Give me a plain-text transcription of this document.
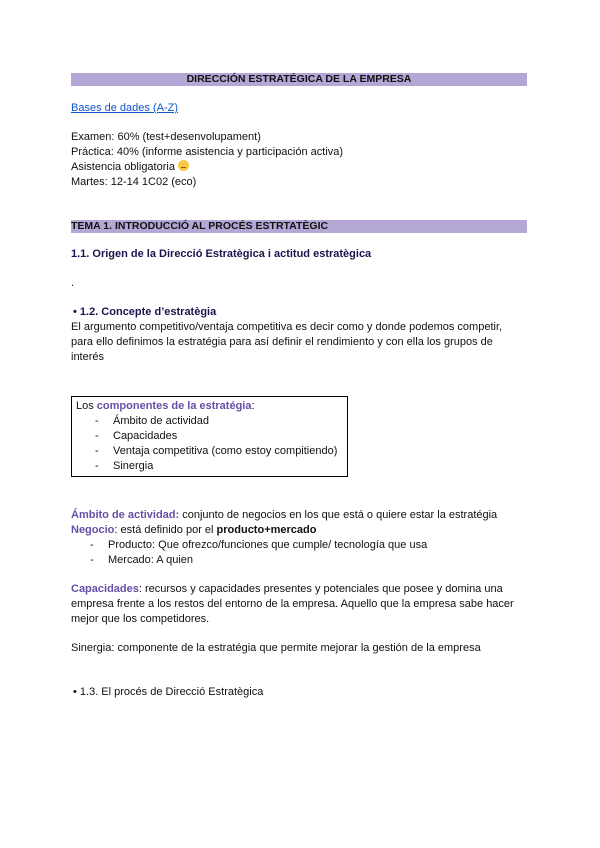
DIRECCIÓN ESTRATÉGICA DE LA EMPRESA
Bases de dades (A-Z)
Examen: 60% (test+desenvolupament)
Práctica: 40% (informe asistencia y participación activa)
Asistencia obligatoria
Martes: 12-14 1C02 (eco)
TEMA 1. INTRODUCCIÓ AL PROCÉS ESTRTATÈGIC
1.1. Origen de la Direcció Estratègica i actitud estratègica
.
• 1.2. Concepte d’estratègia
El argumento competitivo/ventaja competitiva es decir como y donde podemos competir,
para ello definimos la estratégia para así definir el rendimiento y con ella los grupos de
interés
Los componentes de la estratégia:
- Ámbito de actividad
- Capacidades
- Ventaja competitiva (como estoy compitiendo)
- Sinergia
Ámbito de actividad: conjunto de negocios en los que está o quiere estar la estratégia
Negocio: está definido por el producto+mercado
- Producto: Que ofrezco/funciones que cumple/ tecnología que usa
- Mercado: A quien
Capacidades: recursos y capacidades presentes y potenciales que posee y domina una
empresa frente a los restos del entorno de la empresa. Aquello que la empresa sabe hacer
mejor que los competidores.
Sinergia: componente de la estratégia que permite mejorar la gestión de la empresa
• 1.3. El procés de Direcció Estratègica
